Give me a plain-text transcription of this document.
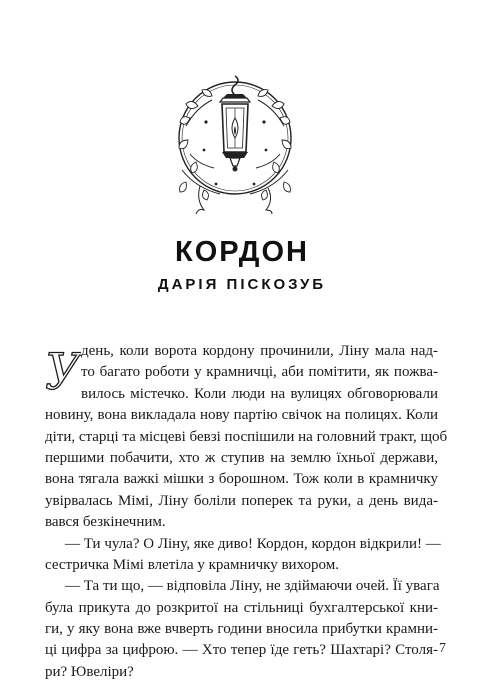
КОРДОН
ДАРІЯ ПІСКОЗУБ
У день, коли ворота кордону прочинили, Ліну мала над-
то багато роботи у крамничці, аби помітити, як пожва-
вилось містечко. Коли люди на вулицях обговорювали
новину, вона викладала нову партію свічок на полицях. Коли
діти, старці та місцеві бевзі поспішили на головний тракт, щоб
першими побачити, хто ж ступив на землю їхньої держави,
вона тягала важкі мішки з борошном. Тож коли в крамничку
увірвалась Мімі, Ліну боліли поперек та руки, а день вида-
вався безкінечним.
— Ти чула? О Ліну, яке диво! Кордон, кордон відкрили! —
сестричка Мімі влетіла у крамничку вихором.
— Та ти що, — відповіла Ліну, не здіймаючи очей. Її увага
була прикута до розкритої на стільниці бухгалтерської кни-
ги, у яку вона вже вчверть години вносила прибутки крамни-
ці цифра за цифрою. — Хто тепер їде геть? Шахтарі? Столя-
ри? Ювеліри?
7
